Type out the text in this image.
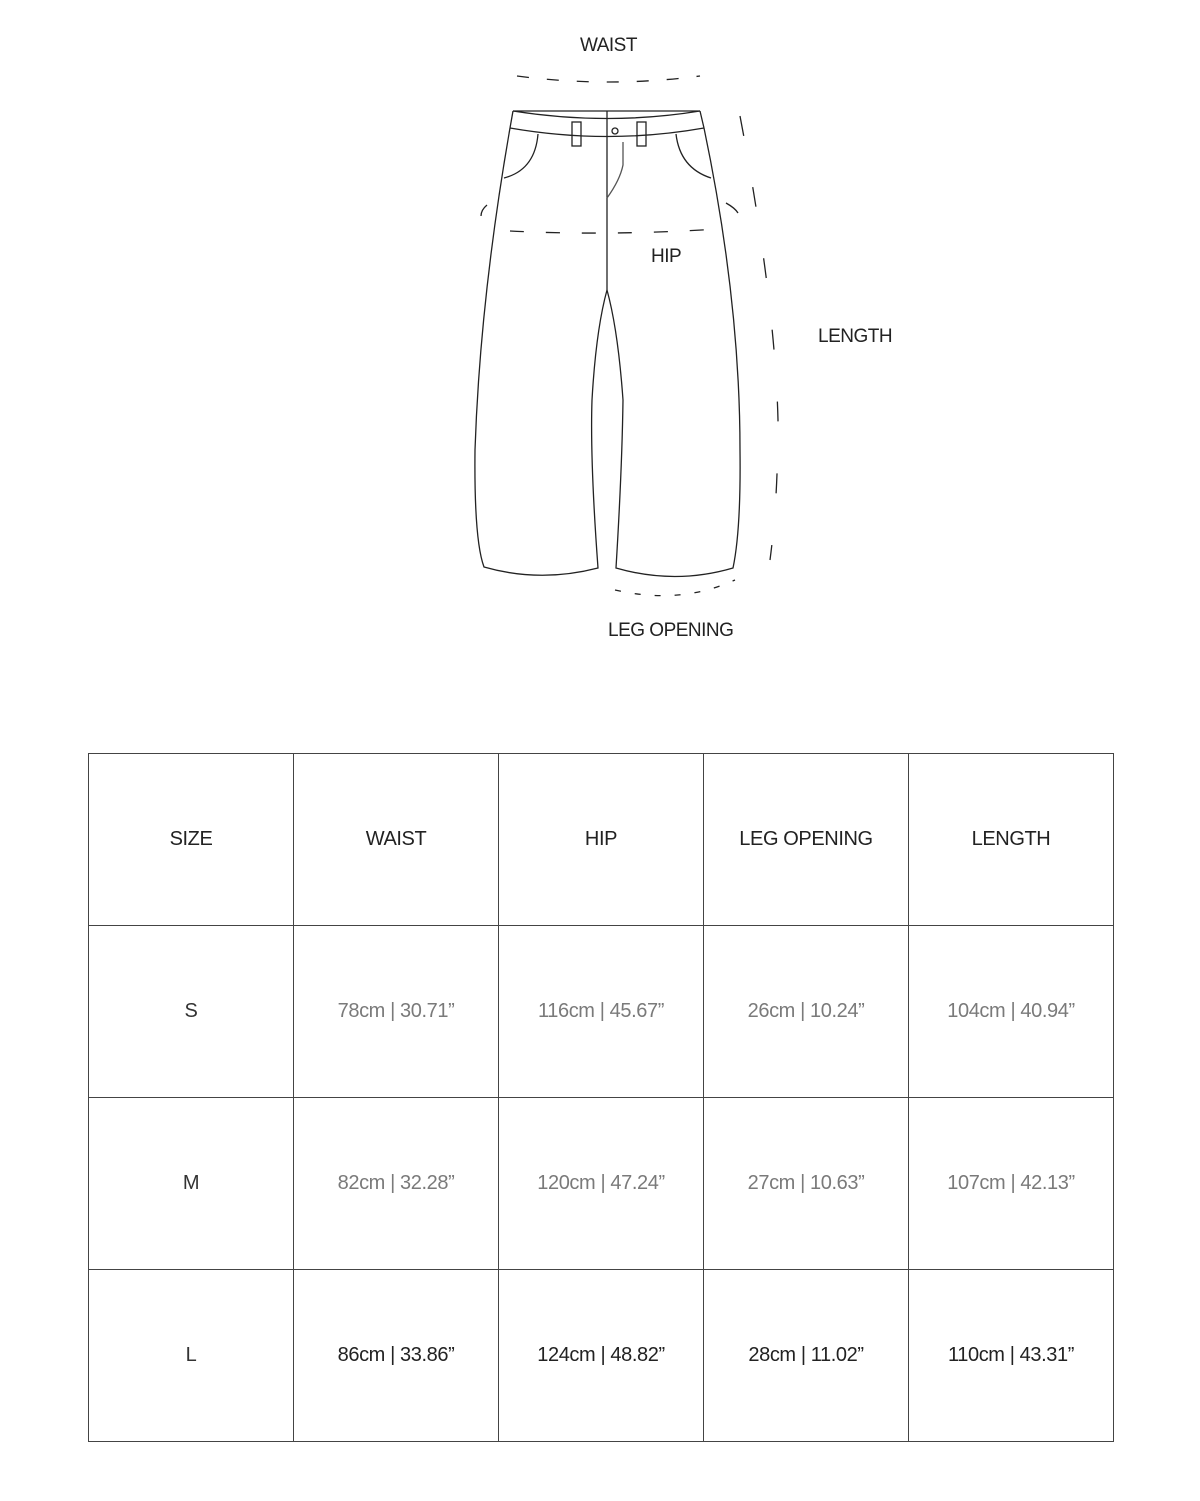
WAIST
HIP
LENGTH
LEG OPENING
SIZE	WAIST	HIP	LEG OPENING	LENGTH
S	78cm | 30.71”	116cm | 45.67”	26cm | 10.24”	104cm | 40.94”
M	82cm | 32.28”	120cm | 47.24”	27cm | 10.63”	107cm | 42.13”
L	86cm | 33.86”	124cm | 48.82”	28cm | 11.02”	110cm | 43.31”
